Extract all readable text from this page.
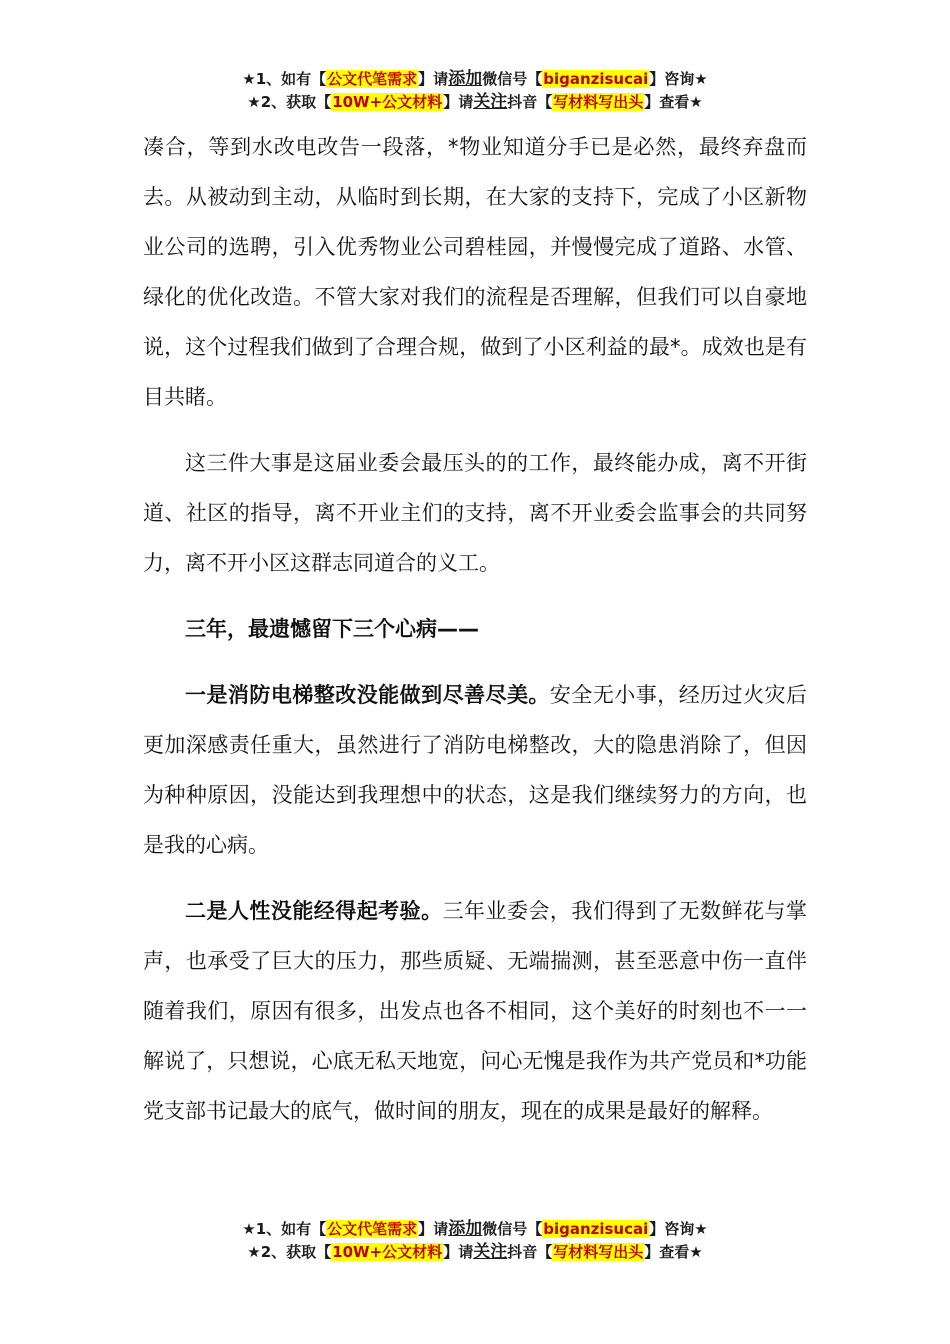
★1、如有【公文代笔需求】请添加微信号【biganzisucai】咨询★
★2、获取【10W+公文材料】请关注抖音【写材料写出头】查看★

凑合，等到水改电改告一段落，*物业知道分手已是必然，最终弃盘而去。从被动到主动，从临时到长期，在大家的支持下，完成了小区新物业公司的选聘，引入优秀物业公司碧桂园，并慢慢完成了道路、水管、绿化的优化改造。不管大家对我们的流程是否理解，但我们可以自豪地说，这个过程我们做到了合理合规，做到了小区利益的最*。成效也是有目共睹。

这三件大事是这届业委会最压头的的工作，最终能办成，离不开街道、社区的指导，离不开业主们的支持，离不开业委会监事会的共同努力，离不开小区这群志同道合的义工。

三年，最遗憾留下三个心病——

一是消防电梯整改没能做到尽善尽美。安全无小事，经历过火灾后更加深感责任重大，虽然进行了消防电梯整改，大的隐患消除了，但因为种种原因，没能达到我理想中的状态，这是我们继续努力的方向，也是我的心病。

二是人性没能经得起考验。三年业委会，我们得到了无数鲜花与掌声，也承受了巨大的压力，那些质疑、无端揣测，甚至恶意中伤一直伴随着我们，原因有很多，出发点也各不相同，这个美好的时刻也不一一解说了，只想说，心底无私天地宽，问心无愧是我作为共产党员和*功能党支部书记最大的底气，做时间的朋友，现在的成果是最好的解释。

★1、如有【公文代笔需求】请添加微信号【biganzisucai】咨询★
★2、获取【10W+公文材料】请关注抖音【写材料写出头】查看★
